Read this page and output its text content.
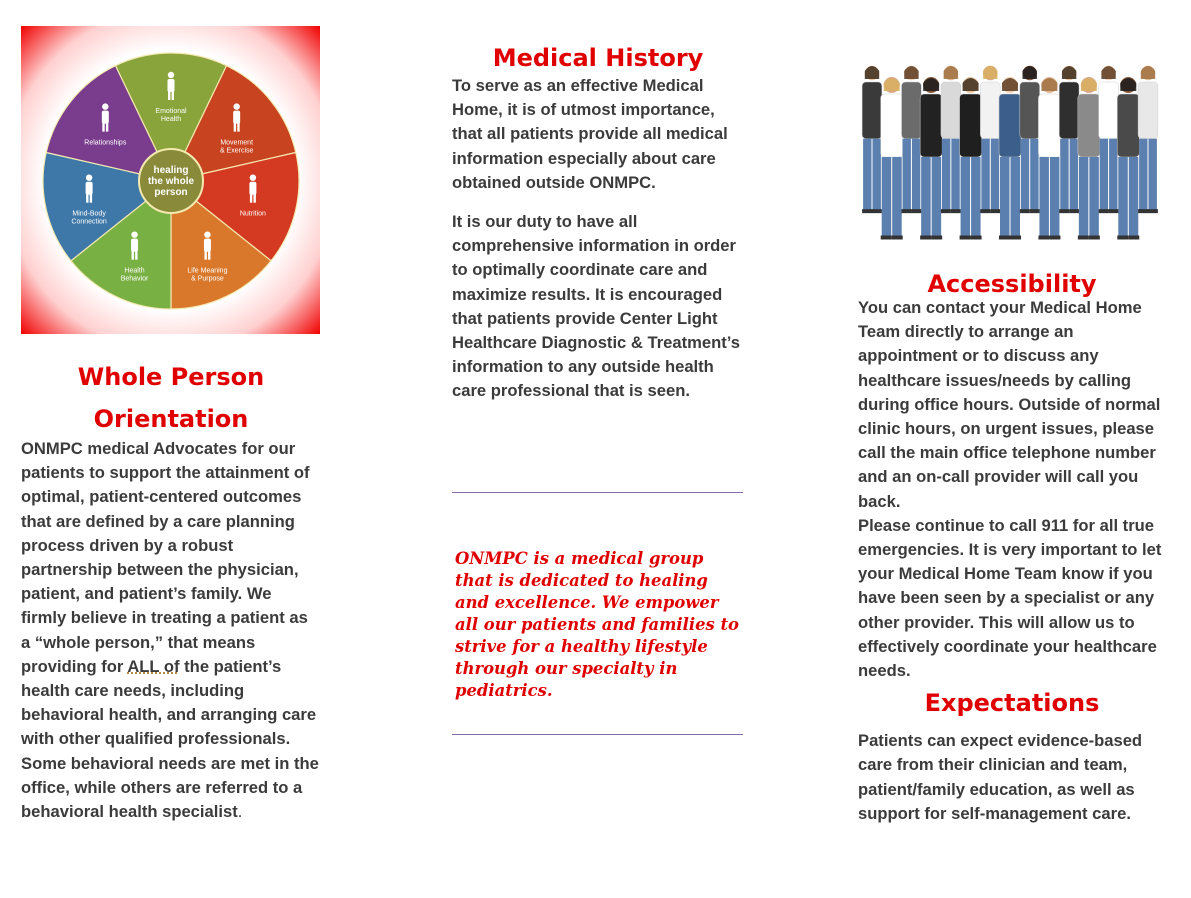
Emotional
Health
Movement
& Exercise
Nutrition
Life Meaning
& Purpose
Health
Behavior
Mind-Body
Connection
Relationships
healing
the whole
person

Whole Person
Orientation

ONMPC medical Advocates for our patients to support the attainment of optimal, patient-centered outcomes that are defined by a care planning process driven by a robust partnership between the physician, patient, and patient’s family. We firmly believe in treating a patient as a “whole person,” that means providing for ALL of the patient’s health care needs, including behavioral health, and arranging care with other qualified professionals. Some behavioral needs are met in the office, while others are referred to a behavioral health specialist.

Medical History

To serve as an effective Medical Home, it is of utmost importance, that all patients provide all medical information especially about care obtained outside ONMPC.

It is our duty to have all comprehensive information in order to optimally coordinate care and maximize results. It is encouraged that patients provide Center Light Healthcare Diagnostic & Treatment’s information to any outside health care professional that is seen.

ONMPC is a medical group that is dedicated to healing and excellence. We empower all our patients and families to strive for a healthy lifestyle through our specialty in pediatrics.

Accessibility

You can contact your Medical Home Team directly to arrange an appointment or to discuss any healthcare issues/needs by calling during office hours. Outside of normal clinic hours, on urgent issues, please call the main office telephone number and an on-call provider will call you back.

Please continue to call 911 for all true emergencies. It is very important to let your Medical Home Team know if you have been seen by a specialist or any other provider. This will allow us to effectively coordinate your healthcare needs.

Expectations

Patients can expect evidence-based care from their clinician and team, patient/family education, as well as support for self-management care.
